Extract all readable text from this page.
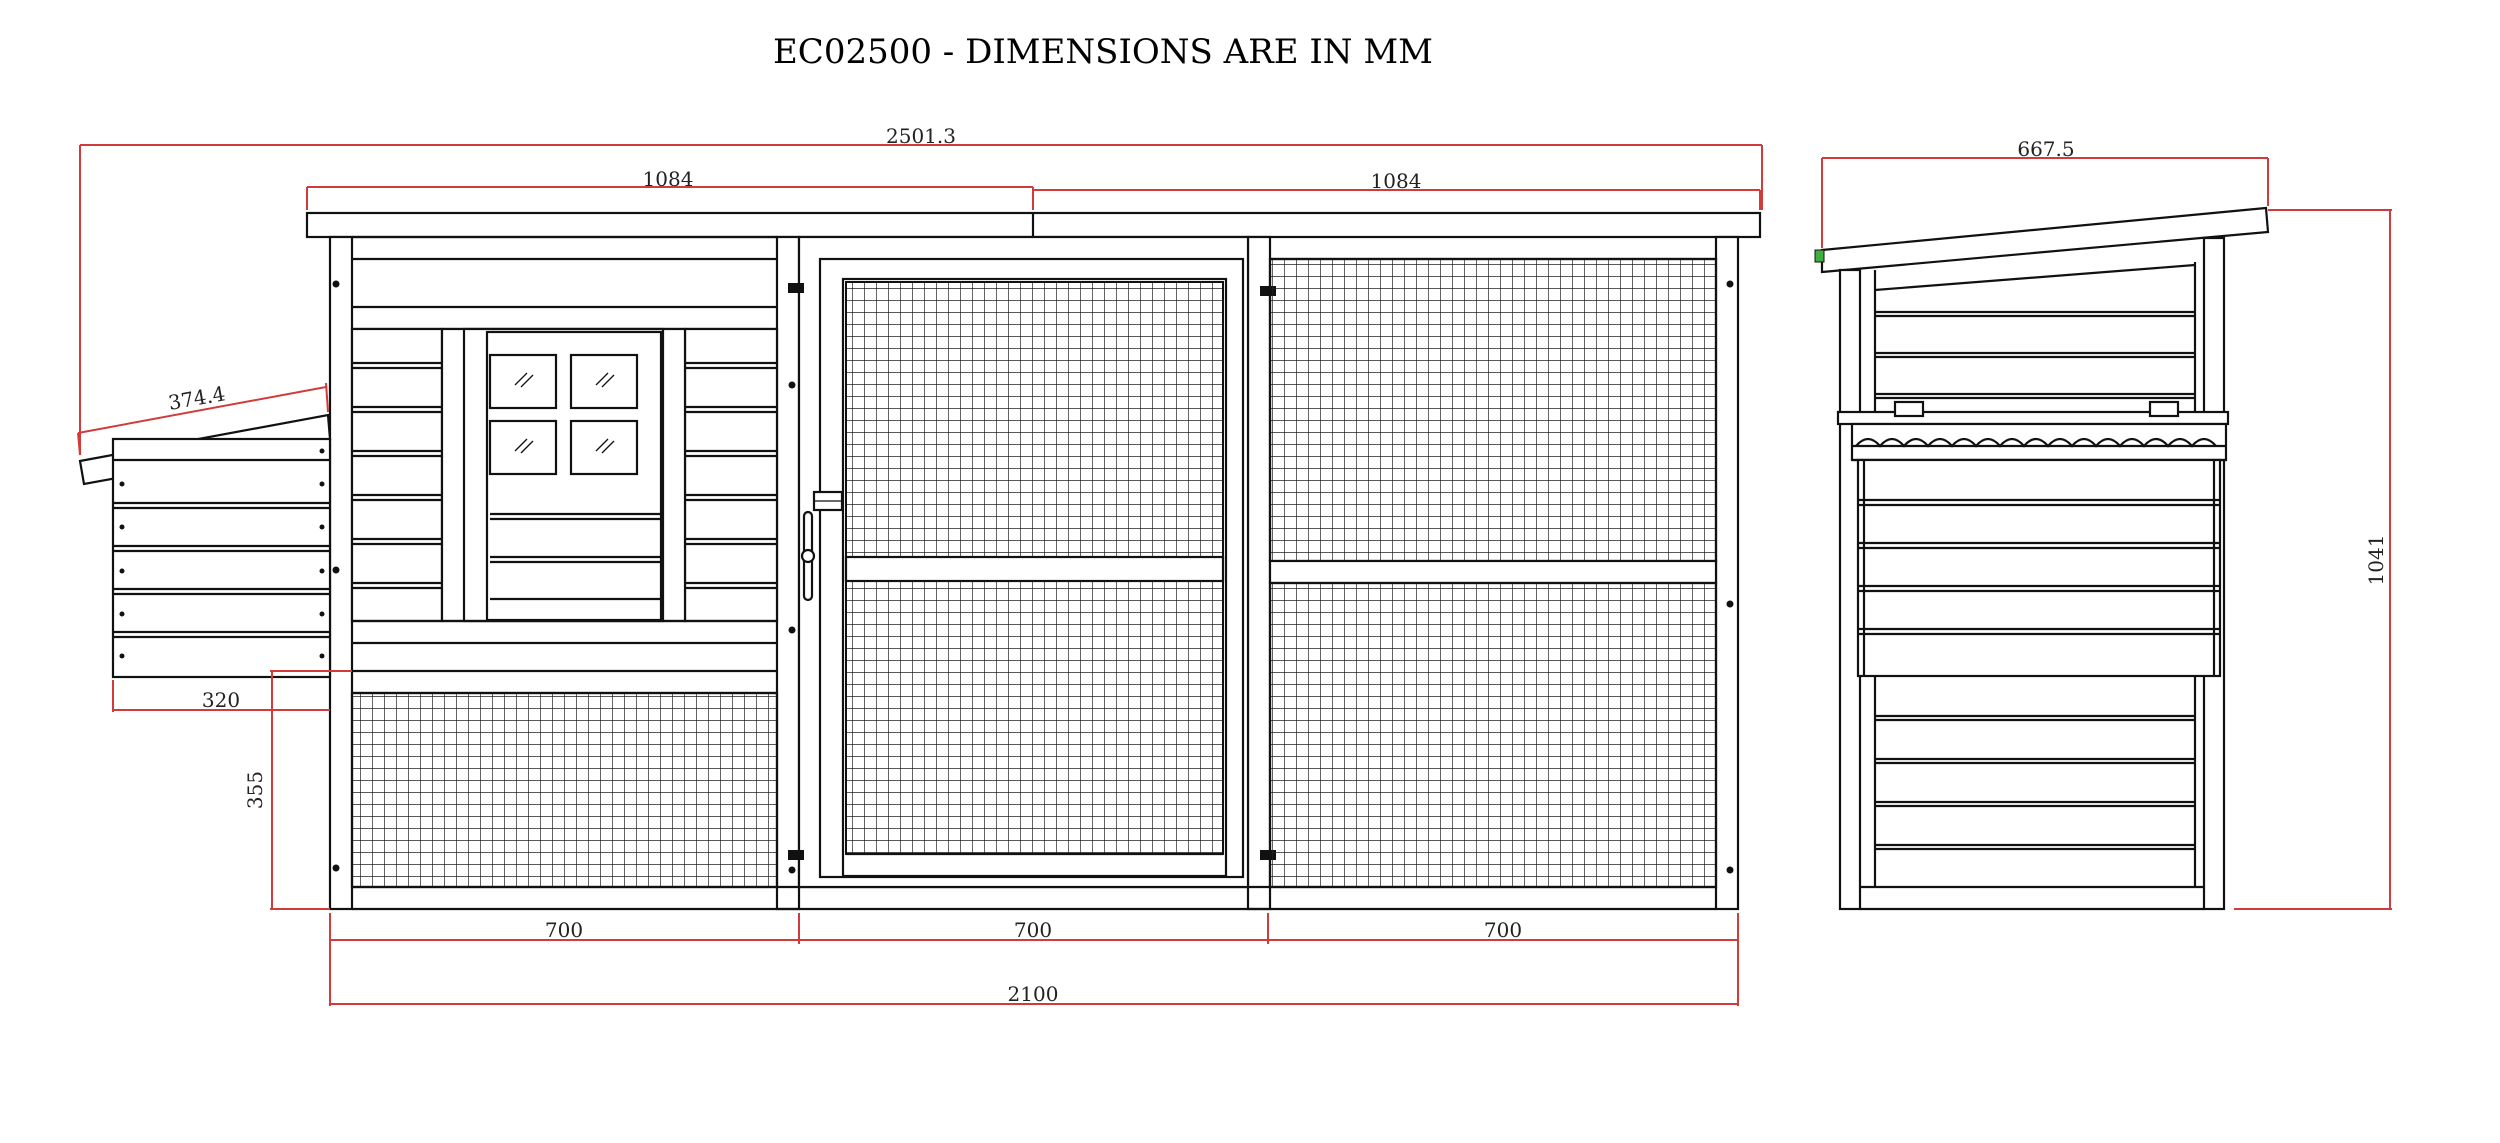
EC02500 - DIMENSIONS ARE IN MM
2501.3
1084	1084
667.5
374.4
320
355
1041
700	700	700
2100
